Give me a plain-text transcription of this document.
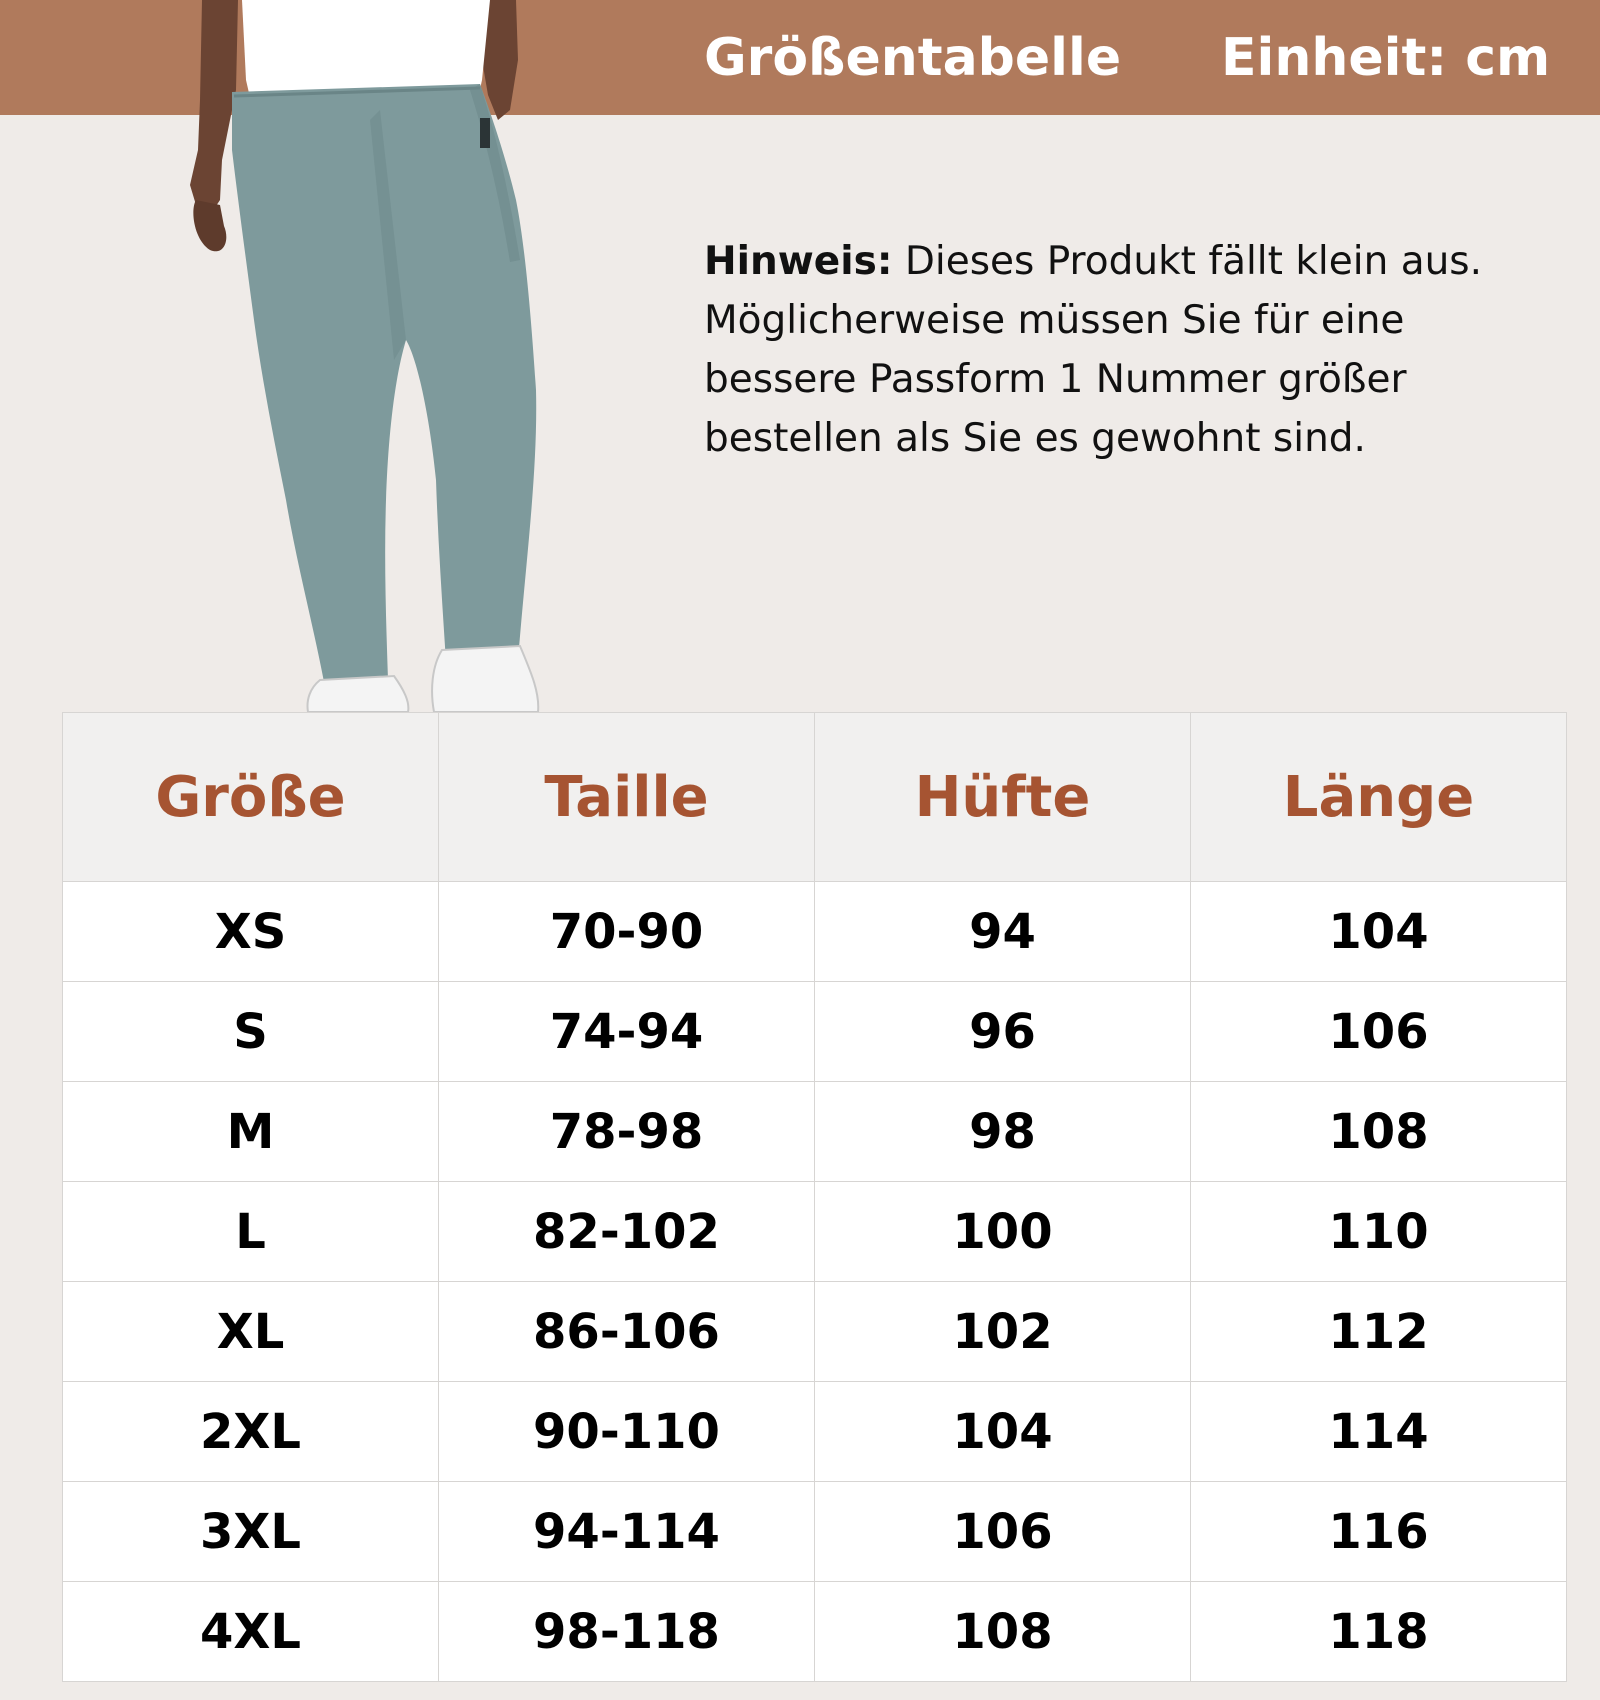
Größentabelle Einheit: cm
Hinweis: Dieses Produkt fällt klein aus. Möglicherweise müssen Sie für eine bessere Passform 1 Nummer größer bestellen als Sie es gewohnt sind.
Größe	Taille	Hüfte	Länge
XS	70-90	94	104
S	74-94	96	106
M	78-98	98	108
L	82-102	100	110
XL	86-106	102	112
2XL	90-110	104	114
3XL	94-114	106	116
4XL	98-118	108	118
